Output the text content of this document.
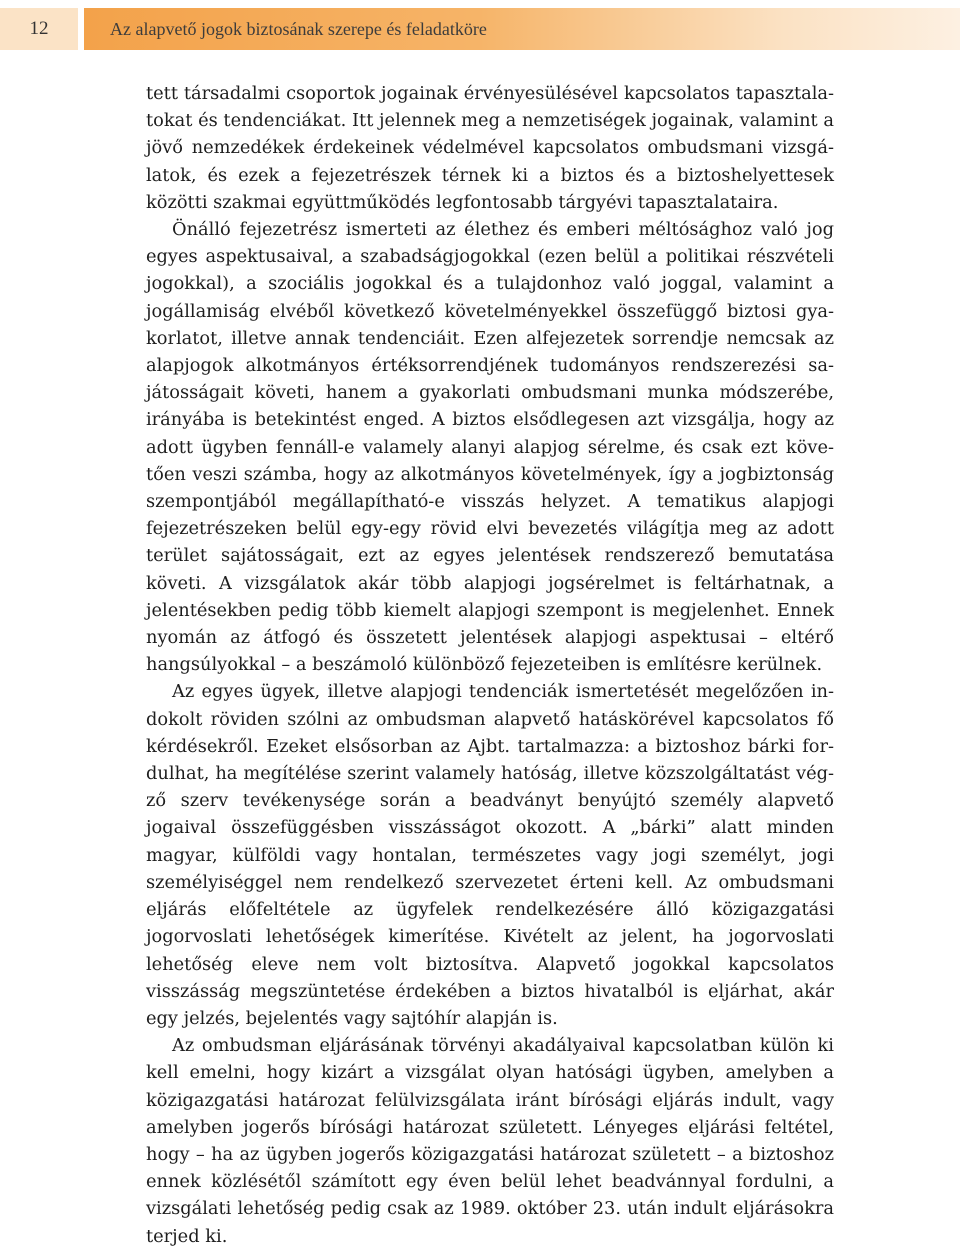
12	Az alapvető jogok biztosának szerepe és feladatköre

tett társadalmi csoportok jogainak érvényesülésével kapcsolatos tapasztalatokat és tendenciákat. Itt jelennek meg a nemzetiségek jogainak, valamint a jövő nemzedékek érdekeinek védelmével kapcsolatos ombudsmani vizsgálatok, és ezek a fejezetrészek térnek ki a biztos és a biztoshelyettesek közötti szakmai együttműködés legfontosabb tárgyévi tapasztalataira.

Önálló fejezetrész ismerteti az élethez és emberi méltósághoz való jog egyes aspektusaival, a szabadságjogokkal (ezen belül a politikai részvételi jogokkal), a szociális jogokkal és a tulajdonhoz való joggal, valamint a jogállamiság elvéből következő követelményekkel összefüggő biztosi gyakorlatot, illetve annak tendenciáit. Ezen alfejezetek sorrendje nemcsak az alapjogok alkotmányos értéksorrendjének tudományos rendszerezési sajátosságait követi, hanem a gyakorlati ombudsmani munka módszerébe, irányába is betekintést enged. A biztos elsődlegesen azt vizsgálja, hogy az adott ügyben fennáll-e valamely alanyi alapjog sérelme, és csak ezt követően veszi számba, hogy az alkotmányos követelmények, így a jogbiztonság szempontjából megállapítható-e visszás helyzet. A tematikus alapjogi fejezetrészeken belül egy-egy rövid elvi bevezetés világítja meg az adott terület sajátosságait, ezt az egyes jelentések rendszerező bemutatása követi. A vizsgálatok akár több alapjogi jogsérelmet is feltárhatnak, a jelentésekben pedig több kiemelt alapjogi szempont is megjelenhet. Ennek nyomán az átfogó és összetett jelentések alapjogi aspektusai – eltérő hangsúlyokkal – a beszámoló különböző fejezeteiben is említésre kerülnek.

Az egyes ügyek, illetve alapjogi tendenciák ismertetését megelőzően indokolt röviden szólni az ombudsman alapvető hatáskörével kapcsolatos fő kérdésekről. Ezeket elsősorban az Ajbt. tartalmazza: a biztoshoz bárki fordulhat, ha megítélése szerint valamely hatóság, illetve közszolgáltatást végző szerv tevékenysége során a beadványt benyújtó személy alapvető jogaival összefüggésben visszásságot okozott. A „bárki” alatt minden magyar, külföldi vagy hontalan, természetes vagy jogi személyt, jogi személyiséggel nem rendelkező szervezetet érteni kell. Az ombudsmani eljárás előfeltétele az ügyfelek rendelkezésére álló közigazgatási jogorvoslati lehetőségek kimerítése. Kivételt az jelent, ha jogorvoslati lehetőség eleve nem volt biztosítva. Alapvető jogokkal kapcsolatos visszásság megszüntetése érdekében a biztos hivatalból is eljárhat, akár egy jelzés, bejelentés vagy sajtóhír alapján is.

Az ombudsman eljárásának törvényi akadályaival kapcsolatban külön ki kell emelni, hogy kizárt a vizsgálat olyan hatósági ügyben, amelyben a közigazgatási határozat felülvizsgálata iránt bírósági eljárás indult, vagy amelyben jogerős bírósági határozat született. Lényeges eljárási feltétel, hogy – ha az ügyben jogerős közigazgatási határozat született – a biztoshoz ennek közlésétől számított egy éven belül lehet beadvánnyal fordulni, a vizsgálati lehetőség pedig csak az 1989. október 23. után indult eljárásokra terjed ki.
